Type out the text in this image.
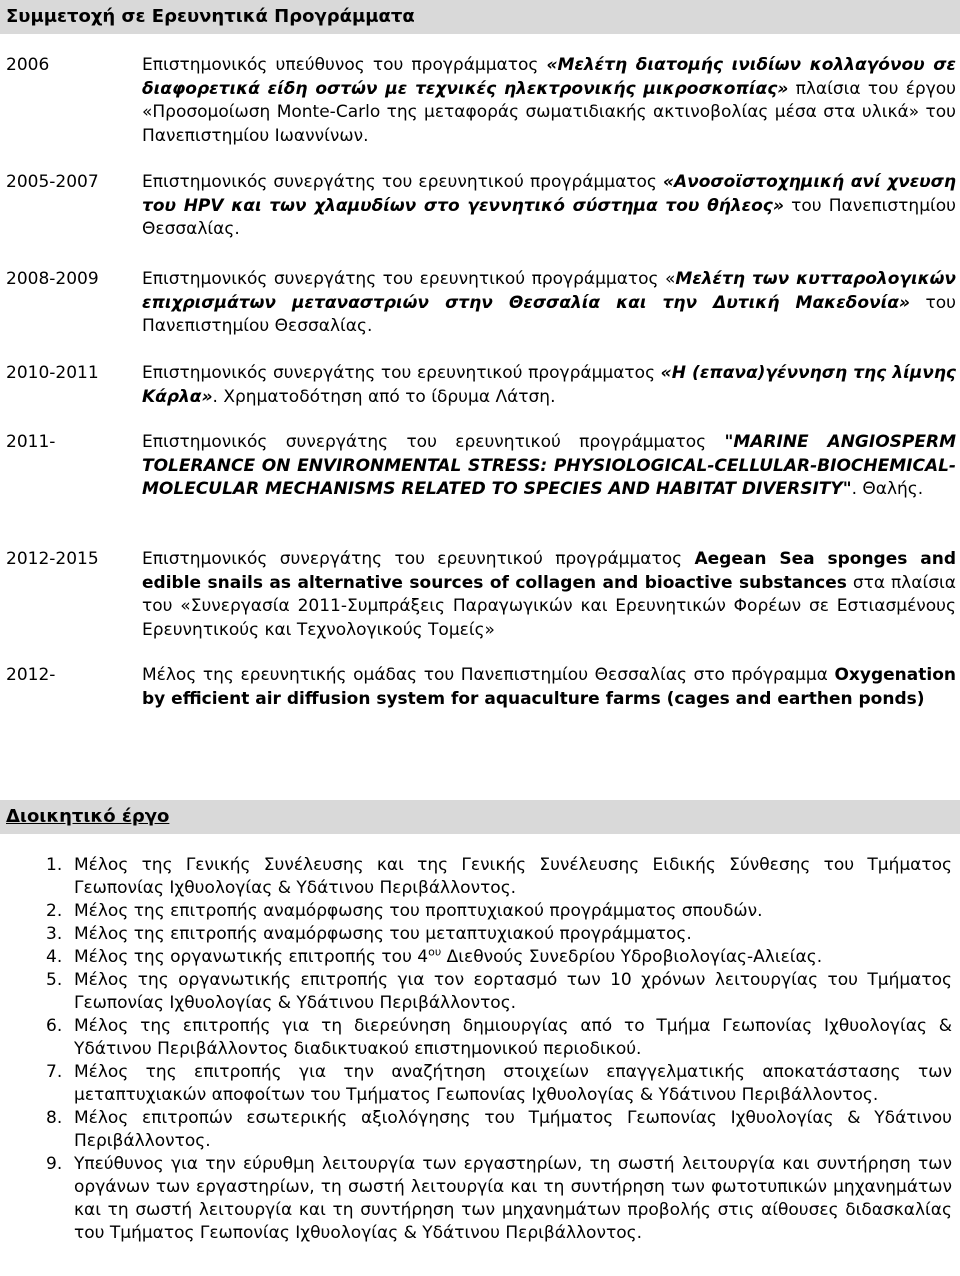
Συμμετοχή σε Ερευνητικά Προγράμματα
2006	Επιστημονικός υπεύθυνος του προγράμματος «Μελέτη διατομής ινιδίων κολλαγόνου σε διαφορετικά είδη οστών με τεχνικές ηλεκτρονικής μικροσκοπίας» πλαίσια του έργου «Προσομοίωση Monte-Carlo της μεταφοράς σωματιδιακής ακτινοβολίας μέσα στα υλικά» του Πανεπιστημίου Ιωαννίνων.
2005-2007	Επιστημονικός συνεργάτης του ερευνητικού προγράμματος «Ανοσοϊστοχημική ανί χνευση του HPV και των χλαμυδίων στο γεννητικό σύστημα του θήλεος» του Πανεπιστημίου Θεσσαλίας.
2008-2009	Επιστημονικός συνεργάτης του ερευνητικού προγράμματος «Μελέτη των κυτταρολογικών επιχρισμάτων μεταναστριών στην Θεσσαλία και την Δυτική Μακεδονία» του Πανεπιστημίου Θεσσαλίας.
2010-2011	Επιστημονικός συνεργάτης του ερευνητικού προγράμματος «Η (επανα)γέννηση της λίμνης Κάρλα». Χρηματοδότηση από το ίδρυμα Λάτση.
2011-	Επιστημονικός συνεργάτης του ερευνητικού προγράμματος "MARINE ANGIOSPERM TOLERANCE ON ENVIRONMENTAL STRESS: PHYSIOLOGICAL-CELLULAR-BIOCHEMICAL-MOLECULAR MECHANISMS RELATED TO SPECIES AND HABITAT DIVERSITY". Θαλής.
2012-2015	Επιστημονικός συνεργάτης του ερευνητικού προγράμματος Aegean Sea sponges and edible snails as alternative sources of collagen and bioactive substances στα πλαίσια του «Συνεργασία 2011-Συμπράξεις Παραγωγικών και Ερευνητικών Φορέων σε Εστιασμένους Ερευνητικούς και Τεχνολογικούς Τομείς»
2012-	Μέλος της ερευνητικής ομάδας του Πανεπιστημίου Θεσσαλίας στο πρόγραμμα Oxygenation by efficient air diffusion system for aquaculture farms (cages and earthen ponds)
Διοικητικό έργο
1. Μέλος της Γενικής Συνέλευσης και της Γενικής Συνέλευσης Ειδικής Σύνθεσης του Τμήματος Γεωπονίας Ιχθυολογίας & Υδάτινου Περιβάλλοντος.
2. Μέλος της επιτροπής αναμόρφωσης του προπτυχιακού προγράμματος σπουδών.
3. Μέλος της επιτροπής αναμόρφωσης του μεταπτυχιακού προγράμματος.
4. Μέλος της οργανωτικής επιτροπής του $4^{o\upsilon}$ Διεθνούς Συνεδρίου Υδροβιολογίας-Αλιείας.
5. Μέλος της οργανωτικής επιτροπής για τον εορτασμό των 10 χρόνων λειτουργίας του Τμήματος Γεωπονίας Ιχθυολογίας & Υδάτινου Περιβάλλοντος.
6. Μέλος της επιτροπής για τη διερεύνηση δημιουργίας από το Τμήμα Γεωπονίας Ιχθυολογίας & Υδάτινου Περιβάλλοντος διαδικτυακού επιστημονικού περιοδικού.
7. Μέλος της επιτροπής για την αναζήτηση στοιχείων επαγγελματικής αποκατάστασης των μεταπτυχιακών αποφοίτων του Τμήματος Γεωπονίας Ιχθυολογίας & Υδάτινου Περιβάλλοντος.
8. Μέλος επιτροπών εσωτερικής αξιολόγησης του Τμήματος Γεωπονίας Ιχθυολογίας & Υδάτινου Περιβάλλοντος.
9. Υπεύθυνος για την εύρυθμη λειτουργία των εργαστηρίων, τη σωστή λειτουργία και συντήρηση των οργάνων των εργαστηρίων, τη σωστή λειτουργία και τη συντήρηση των φωτοτυπικών μηχανημάτων και τη σωστή λειτουργία και τη συντήρηση των μηχανημάτων προβολής στις αίθουσες διδασκαλίας του Τμήματος Γεωπονίας Ιχθυολογίας & Υδάτινου Περιβάλλοντος.
